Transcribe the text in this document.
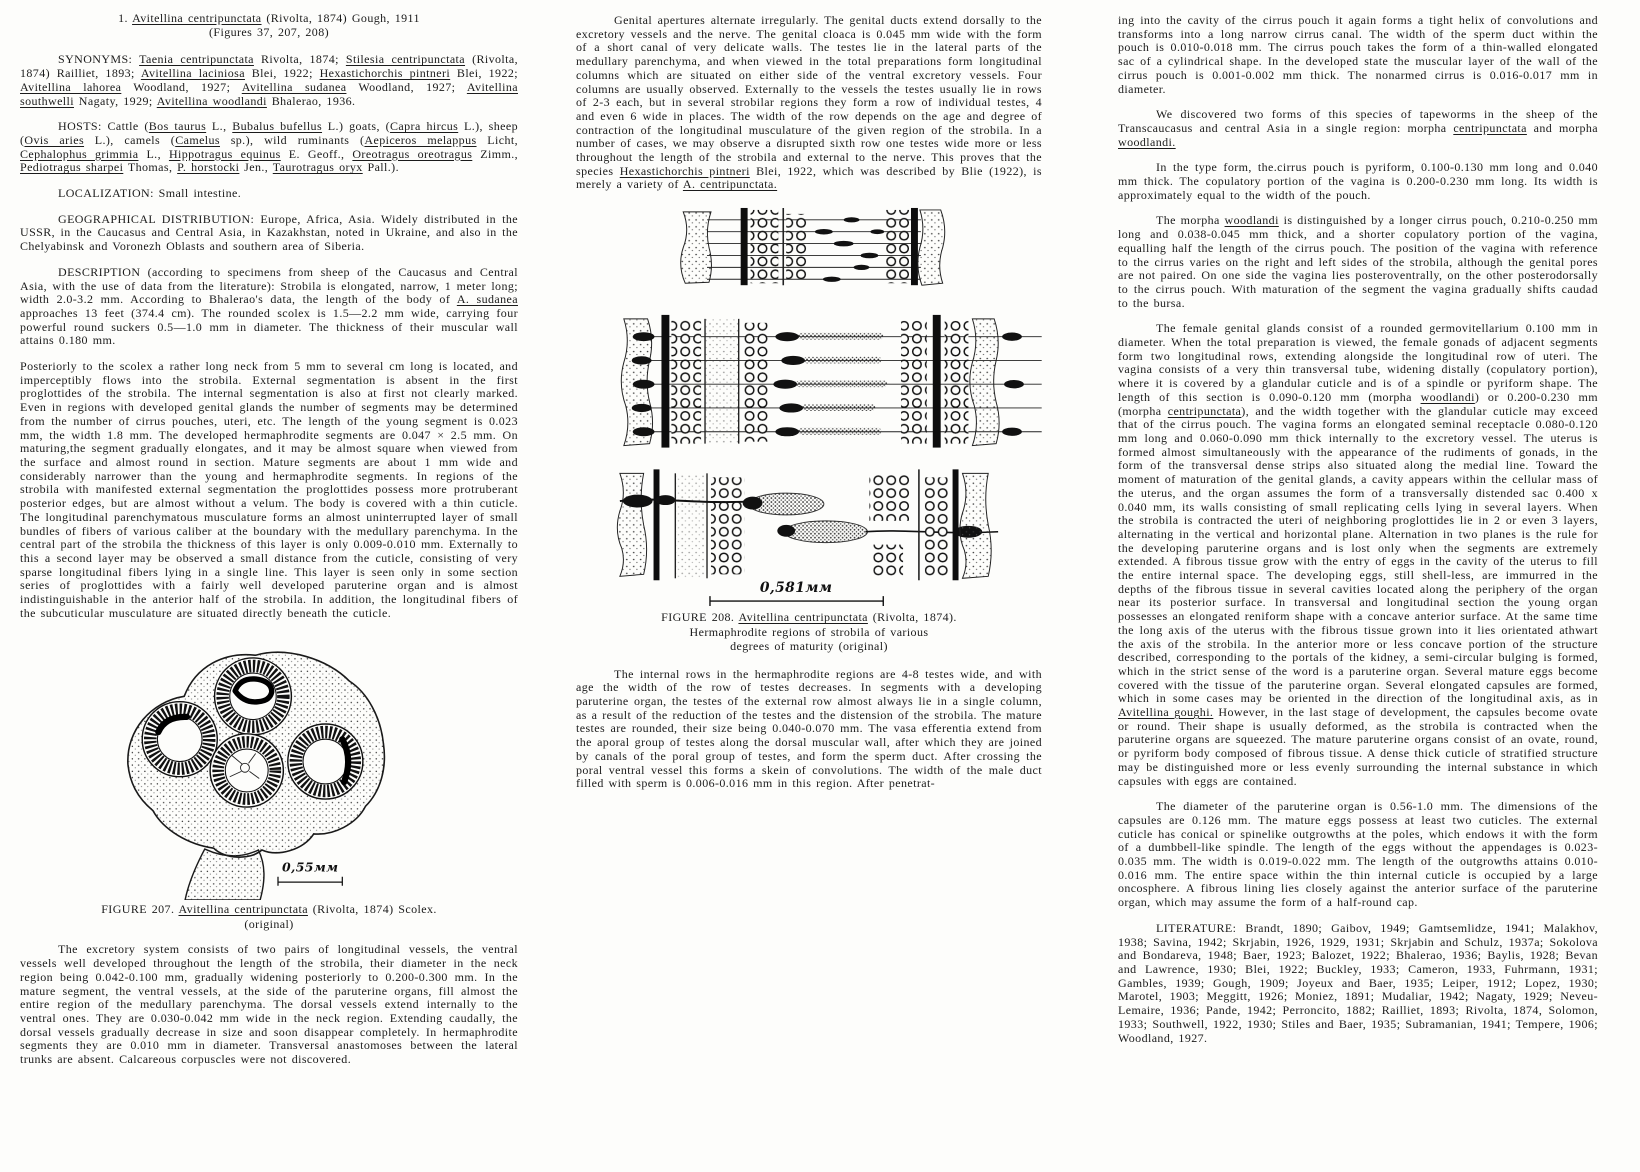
1. Avitellina centripunctata (Rivolta, 1874) Gough, 1911
(Figures 37, 207, 208)

SYNONYMS: Taenia centripunctata Rivolta, 1874; Stilesia centripunctata (Rivolta, 1874) Railliet, 1893; Avitellina laciniosa Blei, 1922; Hexastichorchis pintneri Blei, 1922; Avitellina lahorea Woodland, 1927; Avitellina sudanea Woodland, 1927; Avitellina southwelli Nagaty, 1929; Avitellina woodlandi Bhalerao, 1936.

HOSTS: Cattle (Bos taurus L., Bubalus bufellus L.) goats, (Capra hircus L.), sheep (Ovis aries L.), camels (Camelus sp.), wild ruminants (Aepiceros melappus Licht, Cephalophus grimmia L., Hippotragus equinus E. Geoff., Oreotragus oreotragus Zimm., Pediotragus sharpei Thomas, P. horstocki Jen., Taurotragus oryx Pall.).

LOCALIZATION: Small intestine.

GEOGRAPHICAL DISTRIBUTION: Europe, Africa, Asia. Widely distributed in the USSR, in the Caucasus and Central Asia, in Kazakhstan, noted in Ukraine, and also in the Chelyabinsk and Voronezh Oblasts and southern area of Siberia.

DESCRIPTION (according to specimens from sheep of the Caucasus and Central Asia, with the use of data from the literature): Strobila is elongated, narrow, 1 meter long; width 2.0-3.2 mm. According to Bhalerao's data, the length of the body of A. sudanea approaches 13 feet (374.4 cm). The rounded scolex is 1.5—2.2 mm wide, carrying four powerful round suckers 0.5—1.0 mm in diameter. The thickness of their muscular wall attains 0.180 mm.

Posteriorly to the scolex a rather long neck from 5 mm to several cm long is located, and imperceptibly flows into the strobila. External segmentation is absent in the first proglottides of the strobila. The internal segmentation is also at first not clearly marked. Even in regions with developed genital glands the number of segments may be determined from the number of cirrus pouches, uteri, etc. The length of the young segment is 0.023 mm, the width 1.8 mm. The developed hermaphrodite segments are 0.047 × 2.5 mm. On maturing,the segment gradually elongates, and it may be almost square when viewed from the surface and almost round in section. Mature segments are about 1 mm wide and considerably narrower than the young and hermaphrodite segments. In regions of the strobila with manifested external segmentation the proglottides possess more protruberant posterior edges, but are almost without a velum. The body is covered with a thin cuticle. The longitudinal parenchymatous musculature forms an almost uninterrupted layer of small bundles of fibers of various caliber at the boundary with the medullary parenchyma. In the central part of the strobila the thickness of this layer is only 0.009-0.010 mm. Externally to this a second layer may be observed a small distance from the cuticle, consisting of very sparse longitudinal fibers lying in a single line. This layer is seen only in some section series of proglottides with a fairly well developed paruterine organ and is almost indistinguishable in the anterior half of the strobila. In addition, the longitudinal fibers of the subcuticular musculature are situated directly beneath the cuticle.

0,55мм
FIGURE 207. Avitellina centripunctata (Rivolta, 1874) Scolex.
(original)

The excretory system consists of two pairs of longitudinal vessels, the ventral vessels well developed throughout the length of the strobila, their diameter in the neck region being 0.042-0.100 mm, gradually widening posteriorly to 0.200-0.300 mm. In the mature segment, the ventral vessels, at the side of the paruterine organs, fill almost the entire region of the medullary parenchyma. The dorsal vessels extend internally to the ventral ones. They are 0.030-0.042 mm wide in the neck region. Extending caudally, the dorsal vessels gradually decrease in size and soon disappear completely. In hermaphrodite segments they are 0.010 mm in diameter. Transversal anastomoses between the lateral trunks are absent. Calcareous corpuscles were not discovered.

Genital apertures alternate irregularly. The genital ducts extend dorsally to the excretory vessels and the nerve. The genital cloaca is 0.045 mm wide with the form of a short canal of very delicate walls. The testes lie in the lateral parts of the medullary parenchyma, and when viewed in the total preparations form longitudinal columns which are situated on either side of the ventral excretory vessels. Four columns are usually observed. Externally to the vessels the testes usually lie in rows of 2-3 each, but in several strobilar regions they form a row of individual testes, 4 and even 6 wide in places. The width of the row depends on the age and degree of contraction of the longitudinal musculature of the given region of the strobila. In a number of cases, we may observe a disrupted sixth row one testes wide more or less throughout the length of the strobila and external to the nerve. This proves that the species Hexastichorchis pintneri Blei, 1922, which was described by Blie (1922), is merely a variety of A. centripunctata.

0,581мм
FIGURE 208. Avitellina centripunctata (Rivolta, 1874).
Hermaphrodite regions of strobila of various
degrees of maturity (original)

The internal rows in the hermaphrodite regions are 4-8 testes wide, and with age the width of the row of testes decreases. In segments with a developing paruterine organ, the testes of the external row almost always lie in a single column, as a result of the reduction of the testes and the distension of the strobila. The mature testes are rounded, their size being 0.040-0.070 mm. The vasa efferentia extend from the aporal group of testes along the dorsal muscular wall, after which they are joined by canals of the poral group of testes, and form the sperm duct. After crossing the poral ventral vessel this forms a skein of convolutions. The width of the male duct filled with sperm is 0.006-0.016 mm in this region. After penetrat-

ing into the cavity of the cirrus pouch it again forms a tight helix of convolutions and transforms into a long narrow cirrus canal. The width of the sperm duct within the pouch is 0.010-0.018 mm. The cirrus pouch takes the form of a thin-walled elongated sac of a cylindrical shape. In the developed state the muscular layer of the wall of the cirrus pouch is 0.001-0.002 mm thick. The nonarmed cirrus is 0.016-0.017 mm in diameter.

We discovered two forms of this species of tapeworms in the sheep of the Transcaucasus and central Asia in a single region: morpha centripunctata and morpha woodlandi.

In the type form, the.cirrus pouch is pyriform, 0.100-0.130 mm long and 0.040 mm thick. The copulatory portion of the vagina is 0.200-0.230 mm long. Its width is approximately equal to the width of the pouch.

The morpha woodlandi is distinguished by a longer cirrus pouch, 0.210-0.250 mm long and 0.038-0.045 mm thick, and a shorter copulatory portion of the vagina, equalling half the length of the cirrus pouch. The position of the vagina with reference to the cirrus varies on the right and left sides of the strobila, although the genital pores are not paired. On one side the vagina lies posteroventrally, on the other posterodorsally to the cirrus pouch. With maturation of the segment the vagina gradually shifts caudad to the bursa.

The female genital glands consist of a rounded germovitellarium 0.100 mm in diameter. When the total preparation is viewed, the female gonads of adjacent segments form two longitudinal rows, extending alongside the longitudinal row of uteri. The vagina consists of a very thin transversal tube, widening distally (copulatory portion), where it is covered by a glandular cuticle and is of a spindle or pyriform shape. The length of this section is 0.090-0.120 mm (morpha woodlandi) or 0.200-0.230 mm (morpha centripunctata), and the width together with the glandular cuticle may exceed that of the cirrus pouch. The vagina forms an elongated seminal receptacle 0.080-0.120 mm long and 0.060-0.090 mm thick internally to the excretory vessel. The uterus is formed almost simultaneously with the appearance of the rudiments of gonads, in the form of the transversal dense strips also situated along the medial line. Toward the moment of maturation of the genital glands, a cavity appears within the cellular mass of the uterus, and the organ assumes the form of a transversally distended sac 0.400 x 0.040 mm, its walls consisting of small replicating cells lying in several layers. When the strobila is contracted the uteri of neighboring proglottides lie in 2 or even 3 layers, alternating in the vertical and horizontal plane. Alternation in two planes is the rule for the developing paruterine organs and is lost only when the segments are extremely extended. A fibrous tissue grow with the entry of eggs in the cavity of the uterus to fill the entire internal space. The developing eggs, still shell-less, are immurred in the depths of the fibrous tissue in several cavities located along the periphery of the organ near its posterior surface. In transversal and longitudinal section the young organ possesses an elongated reniform shape with a concave anterior surface. At the same time the long axis of the uterus with the fibrous tissue grown into it lies orientated athwart the axis of the strobila. In the anterior more or less concave portion of the structure described, corresponding to the portals of the kidney, a semi-circular bulging is formed, which in the strict sense of the word is a paruterine organ. Several mature eggs become covered with the tissue of the paruterine organ. Several elongated capsules are formed, which in some cases may be oriented in the direction of the longitudinal axis, as in Avitellina goughi. However, in the last stage of development, the capsules become ovate or round. Their shape is usually deformed, as the strobila is contracted when the paruterine organs are squeezed. The mature paruterine organs consist of an ovate, round, or pyriform body composed of fibrous tissue. A dense thick cuticle of stratified structure may be distinguished more or less evenly surrounding the internal substance in which capsules with eggs are contained.

The diameter of the paruterine organ is 0.56-1.0 mm. The dimensions of the capsules are 0.126 mm. The mature eggs possess at least two cuticles. The external cuticle has conical or spinelike outgrowths at the poles, which endows it with the form of a dumbbell-like spindle. The length of the eggs without the appendages is 0.023-0.035 mm. The width is 0.019-0.022 mm. The length of the outgrowths attains 0.010-0.016 mm. The entire space within the thin internal cuticle is occupied by a large oncosphere. A fibrous lining lies closely against the anterior surface of the paruterine organ, which may assume the form of a half-round cap.

LITERATURE: Brandt, 1890; Gaibov, 1949; Gamtsemlidze, 1941; Malakhov, 1938; Savina, 1942; Skrjabin, 1926, 1929, 1931; Skrjabin and Schulz, 1937a; Sokolova and Bondareva, 1948; Baer, 1923; Balozet, 1922; Bhalerao, 1936; Baylis, 1928; Bevan and Lawrence, 1930; Blei, 1922; Buckley, 1933; Cameron, 1933, Fuhrmann, 1931; Gambles, 1939; Gough, 1909; Joyeux and Baer, 1935; Leiper, 1912; Lopez, 1930; Marotel, 1903; Meggitt, 1926; Moniez, 1891; Mudaliar, 1942; Nagaty, 1929; Neveu-Lemaire, 1936; Pande, 1942; Perroncito, 1882; Railliet, 1893; Rivolta, 1874, Solomon, 1933; Southwell, 1922, 1930; Stiles and Baer, 1935; Subramanian, 1941; Tempere, 1906; Woodland, 1927.
